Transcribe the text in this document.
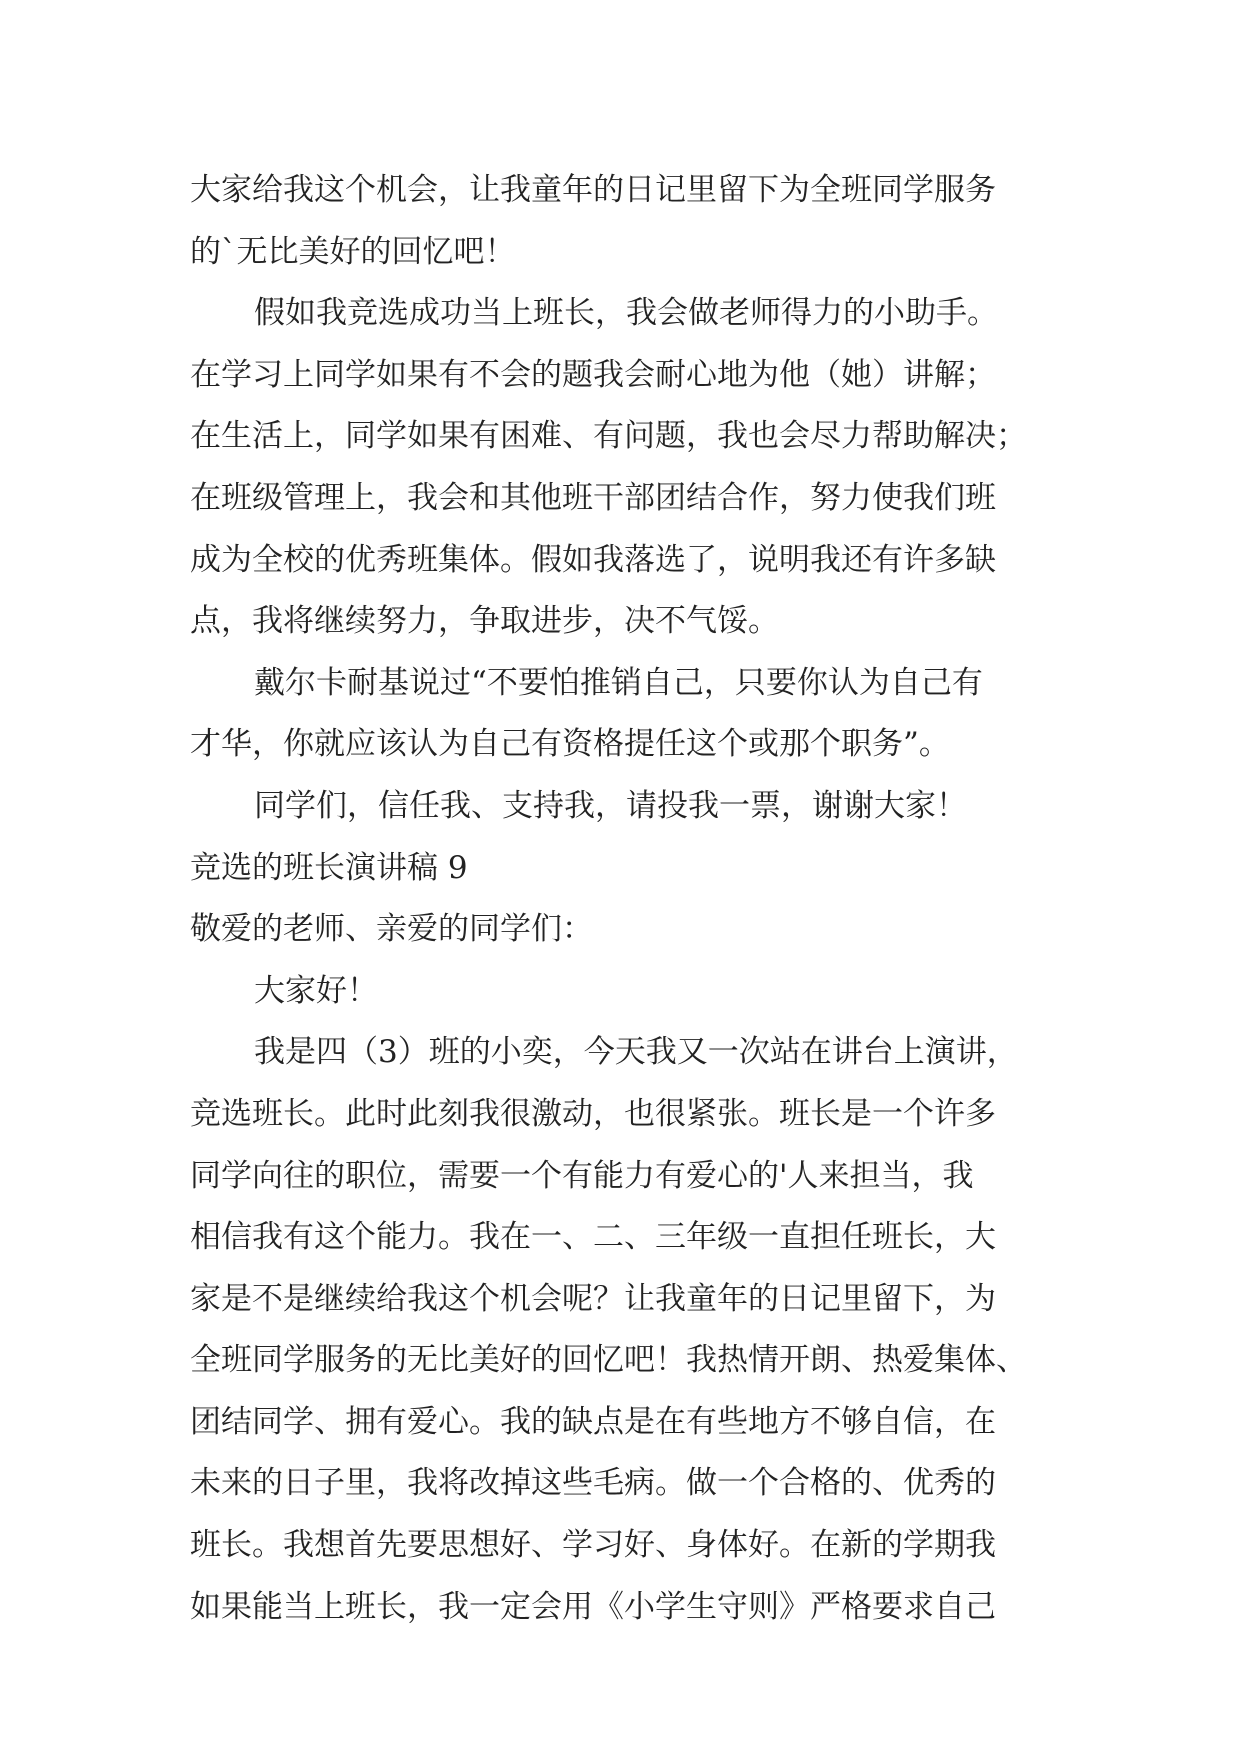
大家给我这个机会，让我童年的日记里留下为全班同学服务
的`无比美好的回忆吧！
假如我竞选成功当上班长，我会做老师得力的小助手。
在学习上同学如果有不会的题我会耐心地为他（她）讲解；
在生活上，同学如果有困难、有问题，我也会尽力帮助解决；
在班级管理上，我会和其他班干部团结合作，努力使我们班
成为全校的优秀班集体。假如我落选了，说明我还有许多缺
点，我将继续努力，争取进步，决不气馁。
戴尔卡耐基说过“不要怕推销自己，只要你认为自己有
才华，你就应该认为自己有资格提任这个或那个职务”。
同学们，信任我、支持我，请投我一票，谢谢大家！
竞选的班长演讲稿 9
敬爱的老师、亲爱的同学们：
大家好！
我是四（3）班的小奕，今天我又一次站在讲台上演讲，
竞选班长。此时此刻我很激动，也很紧张。班长是一个许多
同学向往的职位，需要一个有能力有爱心的'人来担当，我
相信我有这个能力。我在一、二、三年级一直担任班长，大
家是不是继续给我这个机会呢？让我童年的日记里留下，为
全班同学服务的无比美好的回忆吧！我热情开朗、热爱集体、
团结同学、拥有爱心。我的缺点是在有些地方不够自信，在
未来的日子里，我将改掉这些毛病。做一个合格的、优秀的
班长。我想首先要思想好、学习好、身体好。在新的学期我
如果能当上班长，我一定会用《小学生守则》严格要求自己
